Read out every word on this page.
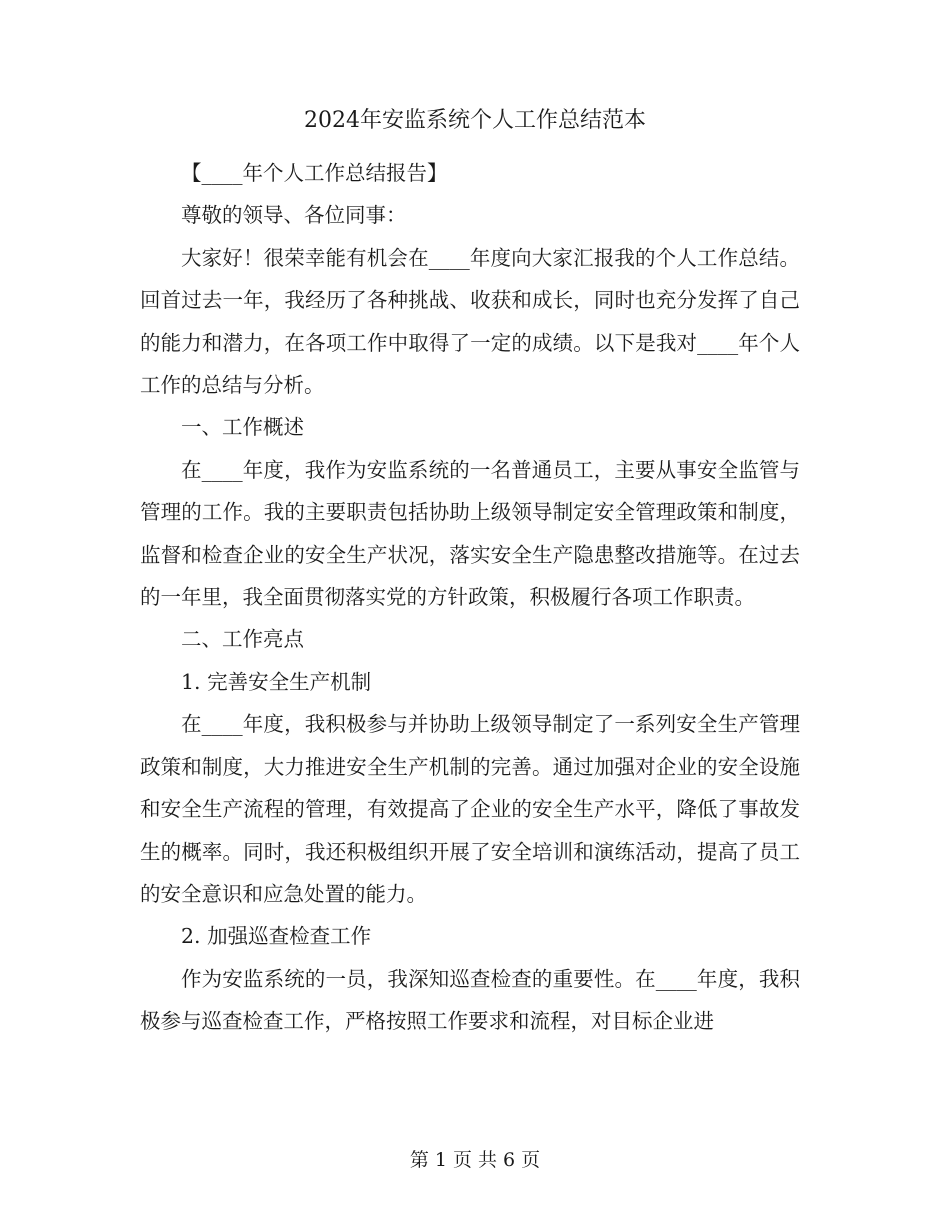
2024年安监系统个人工作总结范本

【____年个人工作总结报告】

尊敬的领导、各位同事：

大家好！很荣幸能有机会在____年度向大家汇报我的个人工作总结。回首过去一年，我经历了各种挑战、收获和成长，同时也充分发挥了自己的能力和潜力，在各项工作中取得了一定的成绩。以下是我对____年个人工作的总结与分析。

一、工作概述

在____年度，我作为安监系统的一名普通员工，主要从事安全监管与管理的工作。我的主要职责包括协助上级领导制定安全管理政策和制度，监督和检查企业的安全生产状况，落实安全生产隐患整改措施等。在过去的一年里，我全面贯彻落实党的方针政策，积极履行各项工作职责。

二、工作亮点

1. 完善安全生产机制

在____年度，我积极参与并协助上级领导制定了一系列安全生产管理政策和制度，大力推进安全生产机制的完善。通过加强对企业的安全设施和安全生产流程的管理，有效提高了企业的安全生产水平，降低了事故发生的概率。同时，我还积极组织开展了安全培训和演练活动，提高了员工的安全意识和应急处置的能力。

2. 加强巡查检查工作

作为安监系统的一员，我深知巡查检查的重要性。在____年度，我积极参与巡查检查工作，严格按照工作要求和流程，对目标企业进

第 1 页 共 6 页
